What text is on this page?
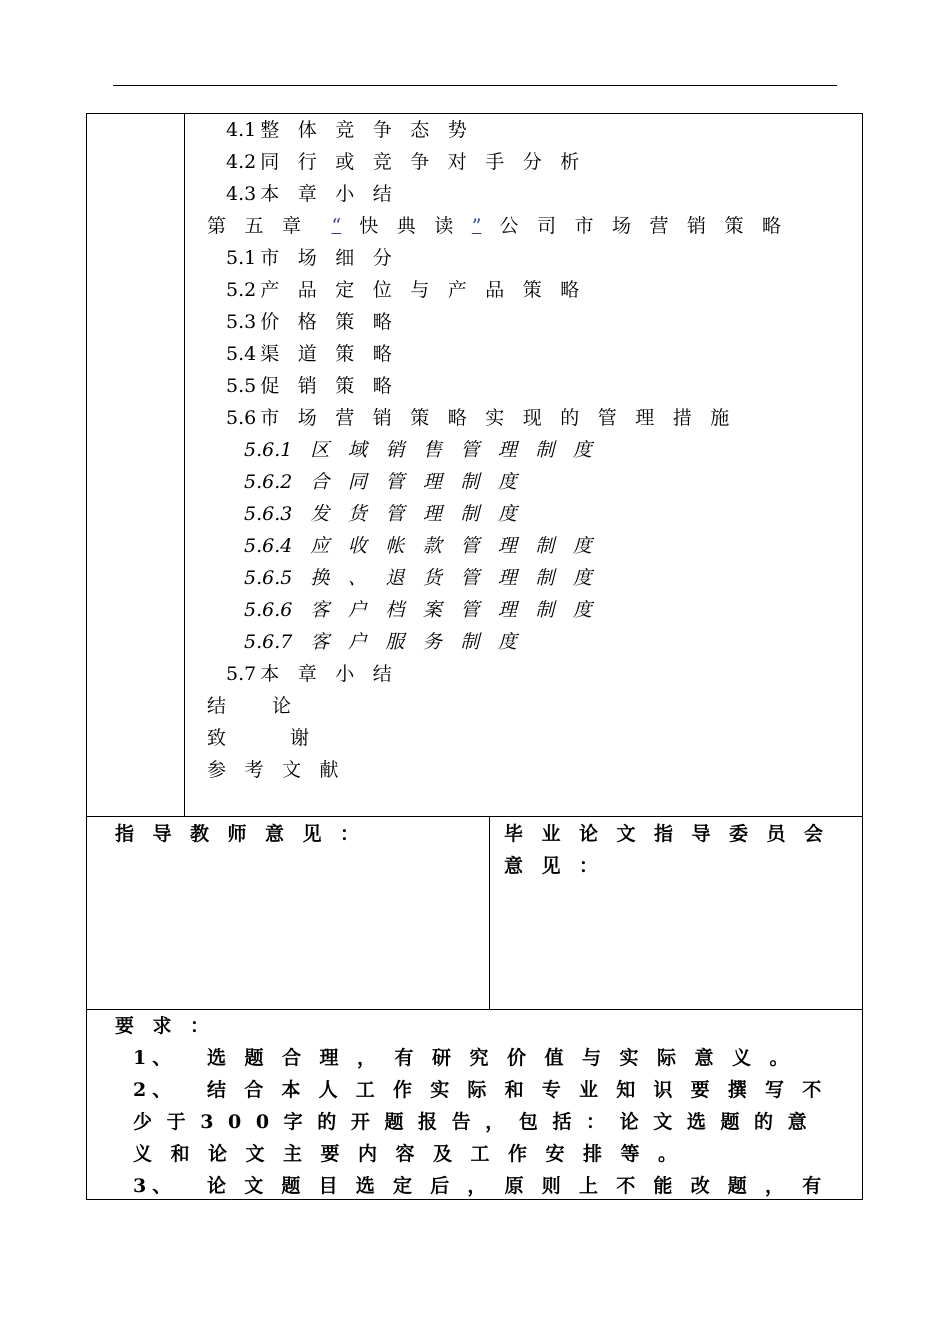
4.1 整体竞争态势
4.2 同行或竞争对手分析
4.3 本章小结
第五章 “ 快典读” 公司市场营销策略
5.1 市场细分
5.2 产品定位与产品策略
5.3 价格策略
5.4 渠道策略
5.5 促销策略
5.6 市场营销策略实现的管理措施
5.6.1 区域销售管理制度
5.6.2 合同管理制度
5.6.3 发货管理制度
5.6.4 应收帐款管理制度
5.6.5 换、退货管理制度
5.6.6 客户档案管理制度
5.6.7 客户服务制度
5.7 本章小结
结论
致谢
参考文献
指导教师意见：	毕业论文指导委员会
意见：
要求：
1、 选题合理，有研究价值与实际意义。
2、 结合本人工作实际和专业知识要撰写不
少于300字的开题报告，包括：论文选题的意
义和论文主要内容及工作安排等。
3、 论文题目选定后，原则上不能改题，有
